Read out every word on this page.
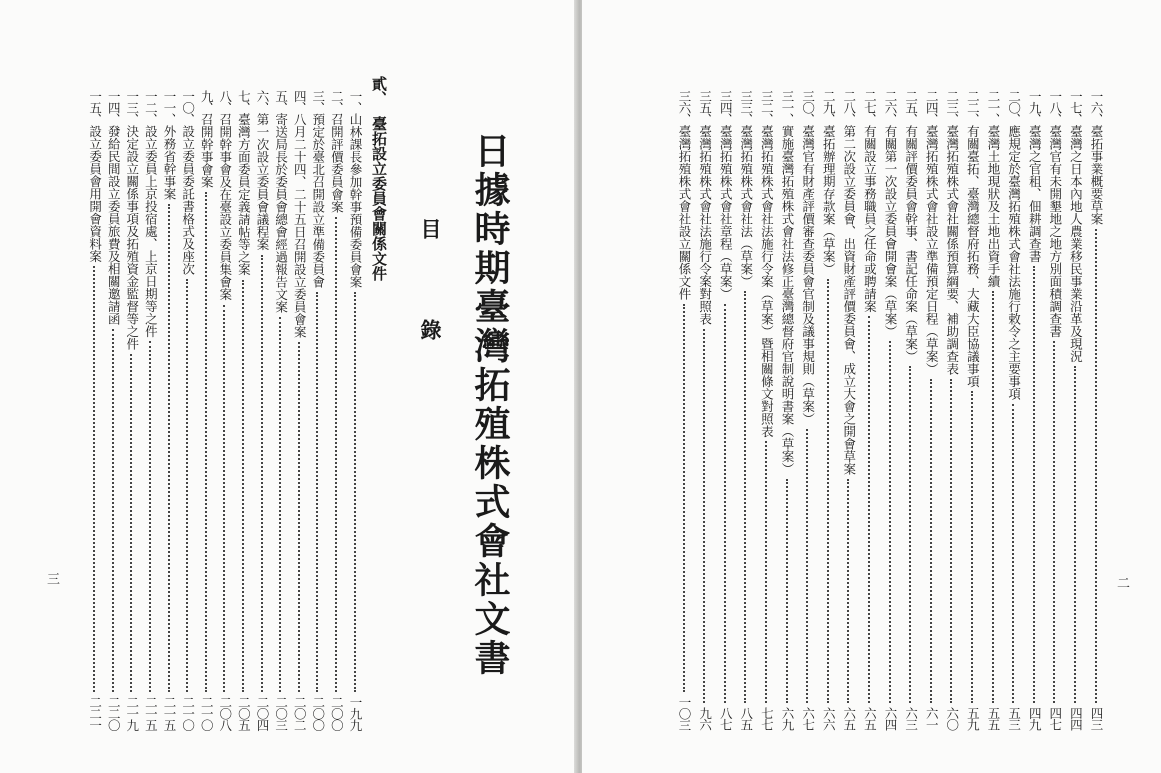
日據時期臺灣拓殖株式會社文書
目錄
貳、臺拓設立委員會關係文件
一、
山林課長參加幹事預備委員會案
一九九
二、
召開評價委員會案
二〇〇
三、
預定於臺北召開設立準備委員會
二〇〇
四、
八月二十四、二十五日召開設立委員會案
二〇二
五、
寄送局長於委員會總會經過報告文案
二〇三
六、
第一次設立委員會議程案
二〇四
七、
臺灣方面委員定義請帖等之案
二〇五
八、
召開幹事會及在臺設立委員集會案
二〇八
九、
召開幹事會案
二一〇
一〇、
設立委員委託書格式及座次
二一〇
一一、
外務省幹事案
二一五
一二、
設立委員上京投宿處、上京日期等之件
二一五
一三、
決定設立關係事項及拓殖資金監督等之件
二一九
一四、
發給民間設立委員旅費及相關邀請函
二二〇
一五、
設立委員會用開會資料案
二二一
三
一六、
臺拓事業概要草案
四三
一七、
臺灣之日本內地人農業移民事業沿革及現況
四四
一八、
臺灣官有未開墾地之地方別面積調查書
四七
一九、
臺灣之官租、佃耕調查書
四九
二〇、
應規定於臺灣拓殖株式會社法施行敕令之主要事項
五三
二一、
臺灣土地現狀及土地出資手續
五五
二二、
有關臺拓、臺灣總督府拓務、大藏大臣協議事項
五九
二三、
臺灣拓殖株式會社關係預算綱要、補助調查表
六〇
二四、
臺灣拓殖株式會社設立準備預定日程（草案）
六一
二五、
有關評價委員會幹事、書記任命案（草案）
六三
二六、
有關第一次設立委員會開會案（草案）
六四
二七、
有關設立事務職員之任命或聘請案
六五
二八、
第二次設立委員會、出資財產評價委員會、成立大會之開會草案
六五
二九、
臺拓辦理期存款案（草案）
六六
三〇、
臺灣官有財產評價審查委員會官制及議事規則（草案）
六七
三一、
實施臺灣拓殖株式會社法修正臺灣總督府官制說明書案（草案）
六九
三二、
臺灣拓殖株式會社法施行令案（草案）暨相關條文對照表
七七
三三、
臺灣拓殖株式會社法（草案）
八五
三四、
臺灣拓殖株式會社章程（草案）
八七
三五、
臺灣拓殖株式會社法施行令案對照表
九六
三六、
臺灣拓殖株式會社設立關係文件
一〇三
二
